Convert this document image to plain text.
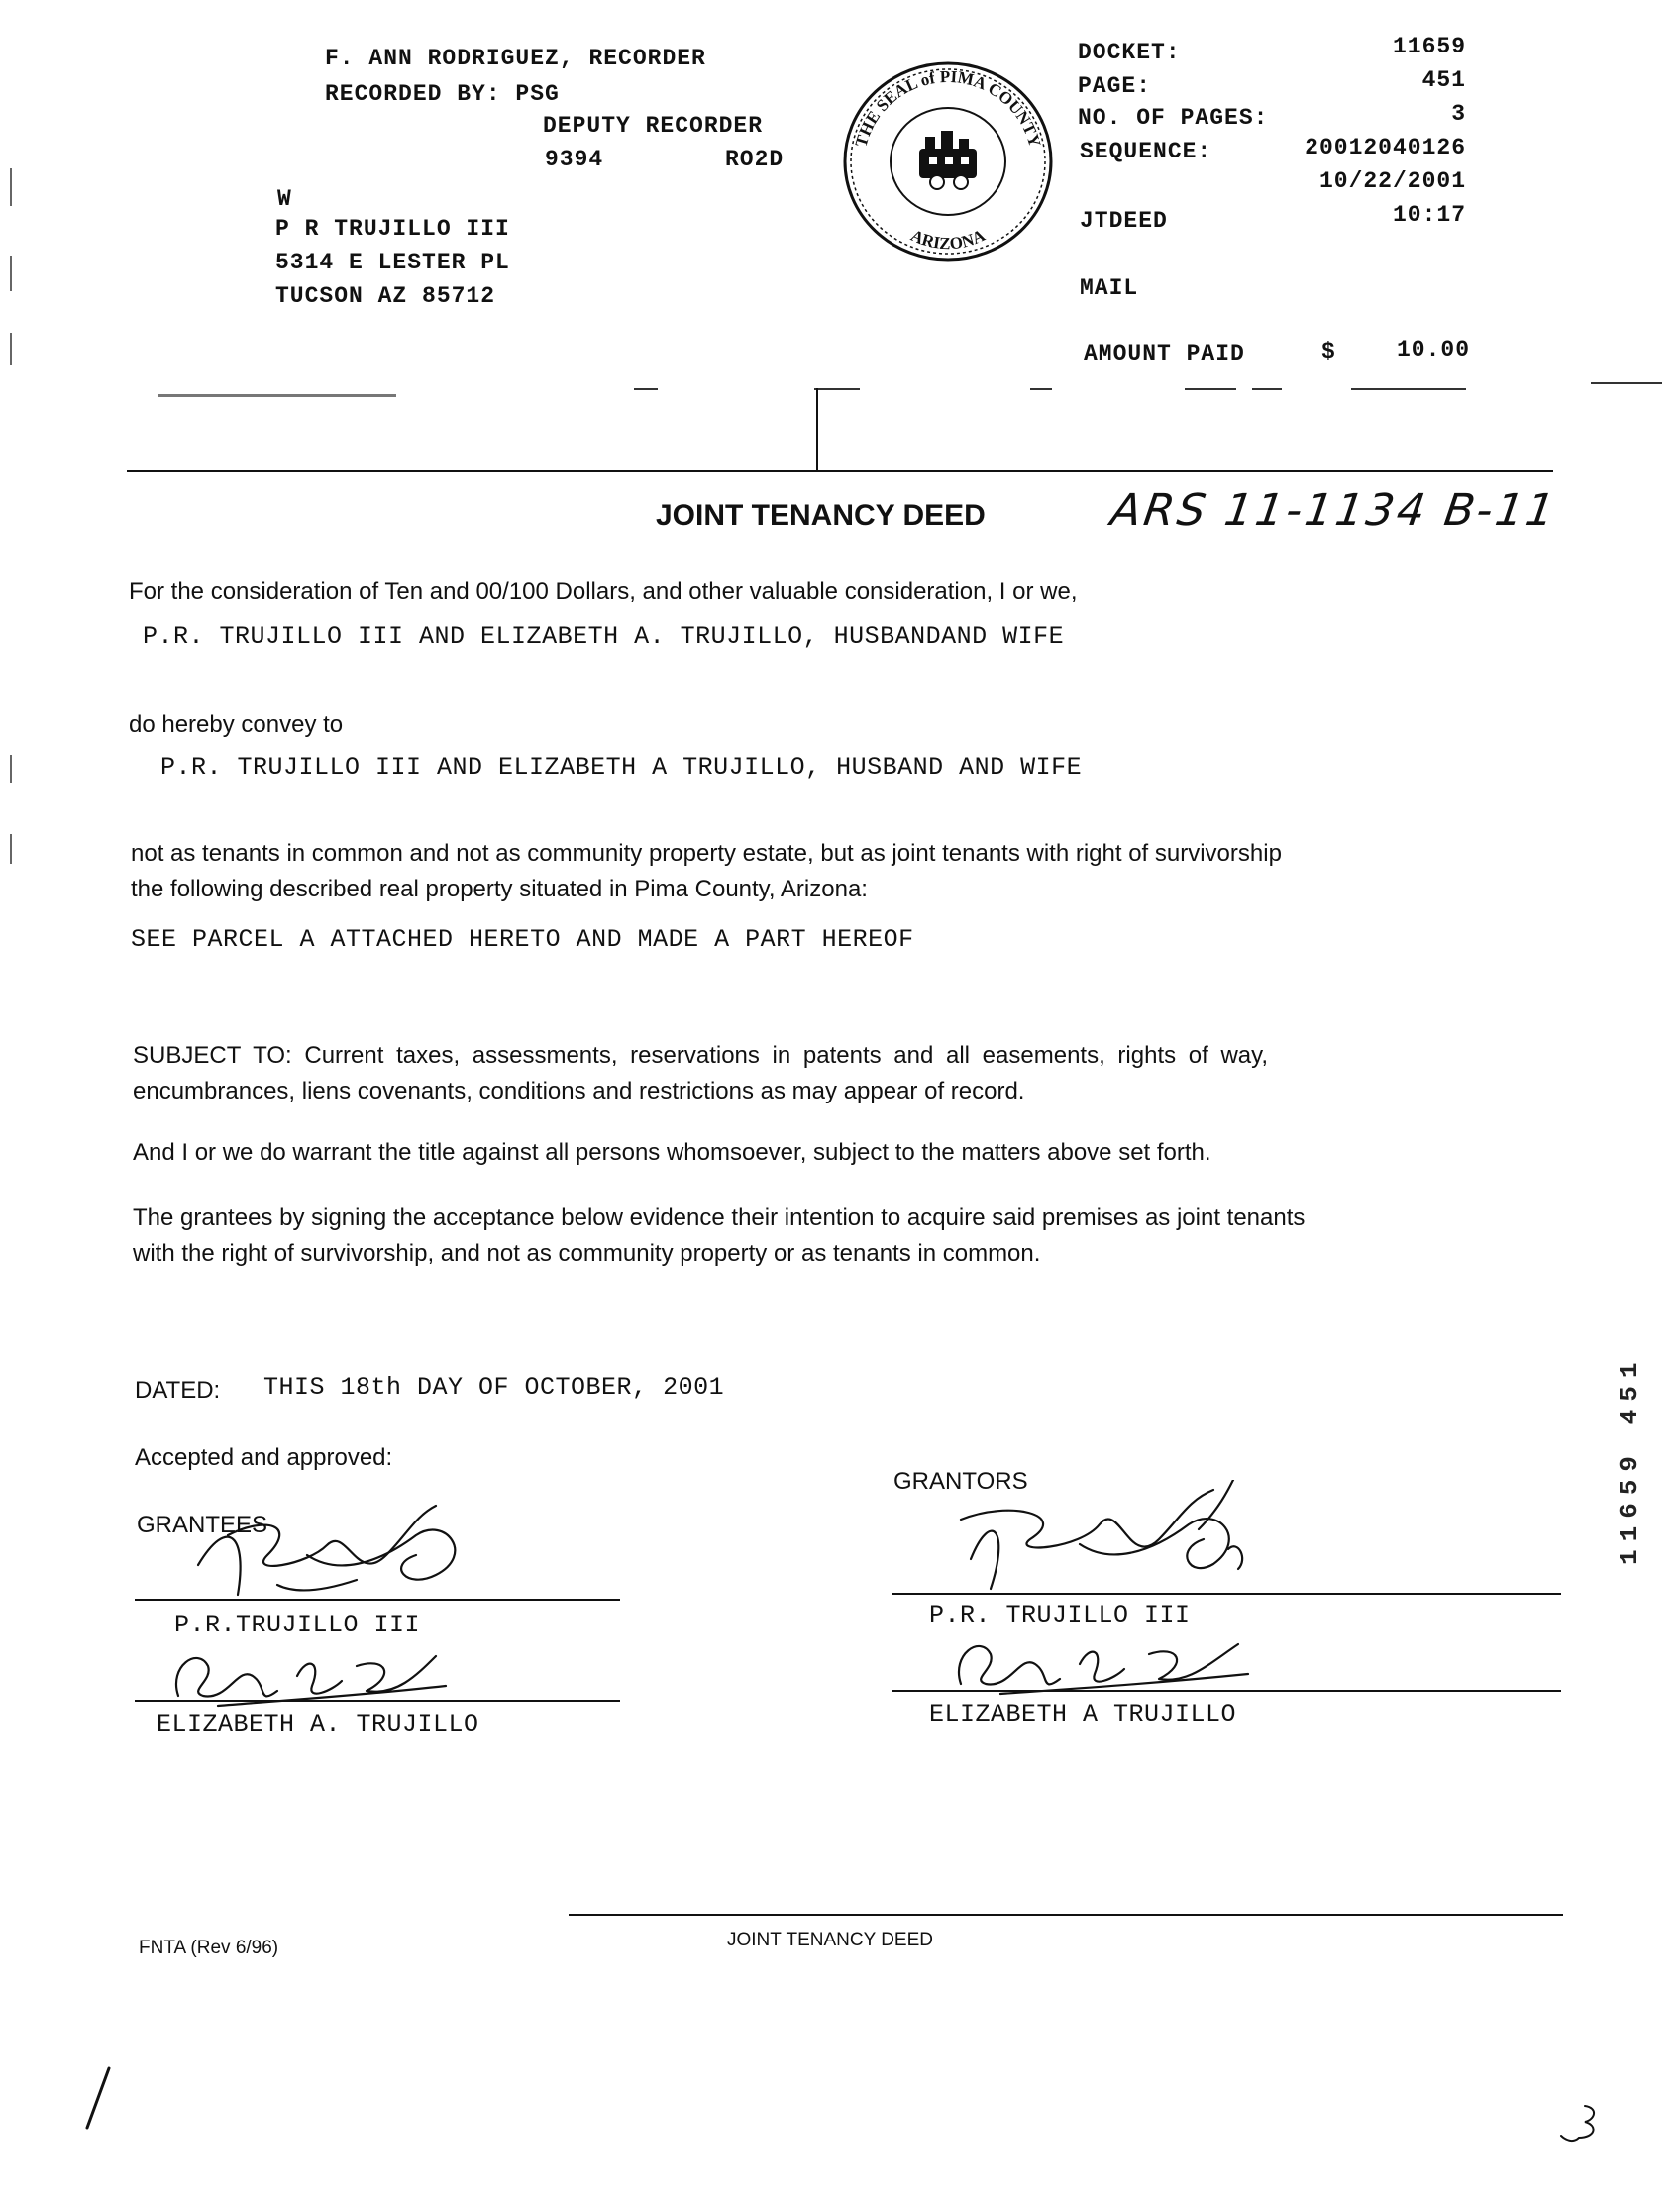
F. ANN RODRIGUEZ, RECORDER
RECORDED BY: PSG
DEPUTY RECORDER
9394	RO2D
W
P R TRUJILLO III
5314 E LESTER PL
TUCSON AZ 85712
THE SEAL of PIMA COUNTY
ARIZONA
DOCKET:	11659
PAGE:	451
NO. OF PAGES:	3
SEQUENCE:	20012040126
10/22/2001
JTDEED	10:17
MAIL
AMOUNT PAID	$	10.00
JOINT TENANCY DEED	ARS 11-1134 B-11
For the consideration of Ten and 00/100 Dollars, and other valuable consideration, I or we,
P.R. TRUJILLO III AND ELIZABETH A. TRUJILLO, HUSBANDAND WIFE
do hereby convey to
P.R. TRUJILLO III AND ELIZABETH A TRUJILLO, HUSBAND AND WIFE
not as tenants in common and not as community property estate, but as joint tenants with right of survivorship
the following described real property situated in Pima County, Arizona:
SEE PARCEL A ATTACHED HERETO AND MADE A PART HEREOF
SUBJECT TO: Current taxes, assessments, reservations in patents and all easements, rights of way,
encumbrances, liens covenants, conditions and restrictions as may appear of record.
And I or we do warrant the title against all persons whomsoever, subject to the matters above set forth.
The grantees by signing the acceptance below evidence their intention to acquire said premises as joint tenants
with the right of survivorship, and not as community property or as tenants in common.
DATED: THIS 18th DAY OF OCTOBER, 2001
Accepted and approved:
GRANTEES
P.R.TRUJILLO III
ELIZABETH A. TRUJILLO
GRANTORS
P.R. TRUJILLO III
ELIZABETH A TRUJILLO
FNTA (Rev 6/96)	JOINT TENANCY DEED
11659 451
